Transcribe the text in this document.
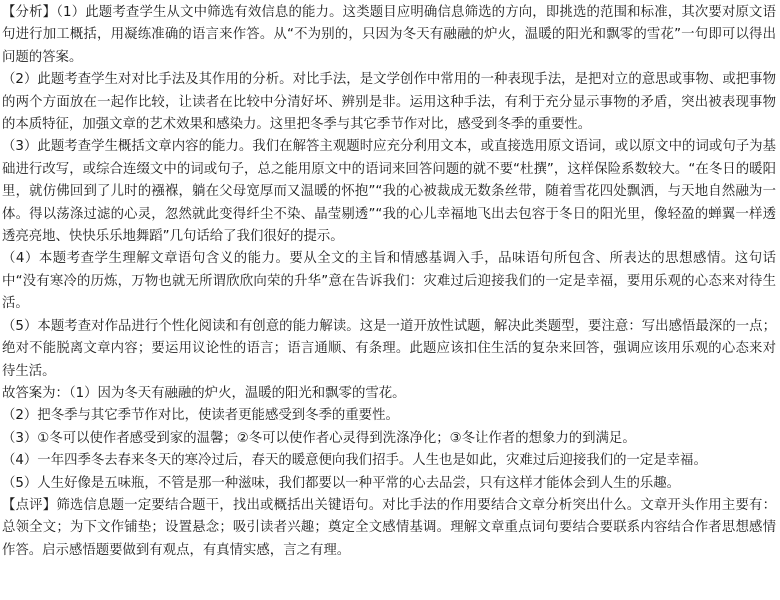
【分析】（1）此题考查学生从文中筛选有效信息的能力。这类题目应明确信息筛选的方向，即挑选的范围和标准，其次要对原文语句进行加工概括，用凝练准确的语言来作答。从“不为别的，只因为冬天有融融的炉火，温暖的阳光和飘零的雪花”一句即可以得出问题的答案。

（2）此题考查学生对对比手法及其作用的分析。对比手法，是文学创作中常用的一种表现手法，是把对立的意思或事物、或把事物的两个方面放在一起作比较，让读者在比较中分清好坏、辨别是非。运用这种手法，有利于充分显示事物的矛盾，突出被表现事物的本质特征，加强文章的艺术效果和感染力。这里把冬季与其它季节作对比，感受到冬季的重要性。

（3）此题考查学生概括文章内容的能力。我们在解答主观题时应充分利用文本，或直接选用原文语词，或以原文中的词或句子为基础进行改写，或综合连缀文中的词或句子，总之能用原文中的语词来回答问题的就不要“杜撰”，这样保险系数较大。“在冬日的暖阳里，就仿佛回到了儿时的襁褓，躺在父母宽厚而又温暖的怀抱”“我的心被裁成无数条丝带，随着雪花四处飘洒，与天地自然融为一体。得以荡涤过滤的心灵，忽然就此变得纤尘不染、晶莹剔透”“我的心儿幸福地飞出去包容于冬日的阳光里，像轻盈的蝉翼一样透透亮亮地、快快乐乐地舞蹈”几句话给了我们很好的提示。

（4）本题考查学生理解文章语句含义的能力。要从全文的主旨和情感基调入手，品味语句所包含、所表达的思想感情。这句话中“没有寒冷的历炼，万物也就无所谓欣欣向荣的升华”意在告诉我们：灾难过后迎接我们的一定是幸福，要用乐观的心态来对待生活。

（5）本题考查对作品进行个性化阅读和有创意的能力解读。这是一道开放性试题，解决此类题型，要注意：写出感悟最深的一点；绝对不能脱离文章内容；要运用议论性的语言；语言通顺、有条理。此题应该扣住生活的复杂来回答，强调应该用乐观的心态来对待生活。

故答案为：（1）因为冬天有融融的炉火，温暖的阳光和飘零的雪花。

（2）把冬季与其它季节作对比，使读者更能感受到冬季的重要性。

（3）①冬可以使作者感受到家的温馨；②冬可以使作者心灵得到洗涤净化；③冬让作者的想象力的到满足。

（4）一年四季冬去春来冬天的寒冷过后，春天的暖意便向我们招手。人生也是如此，灾难过后迎接我们的一定是幸福。

（5）人生好像是五味瓶，不管是那一种滋味，我们都要以一种平常的心去品尝，只有这样才能体会到人生的乐趣。

【点评】筛选信息题一定要结合题干，找出或概括出关键语句。对比手法的作用要结合文章分析突出什么。文章开头作用主要有：总领全文；为下文作铺垫；设置悬念；吸引读者兴趣；奠定全文感情基调。理解文章重点词句要结合要联系内容结合作者思想感情作答。启示感悟题要做到有观点，有真情实感，言之有理。
